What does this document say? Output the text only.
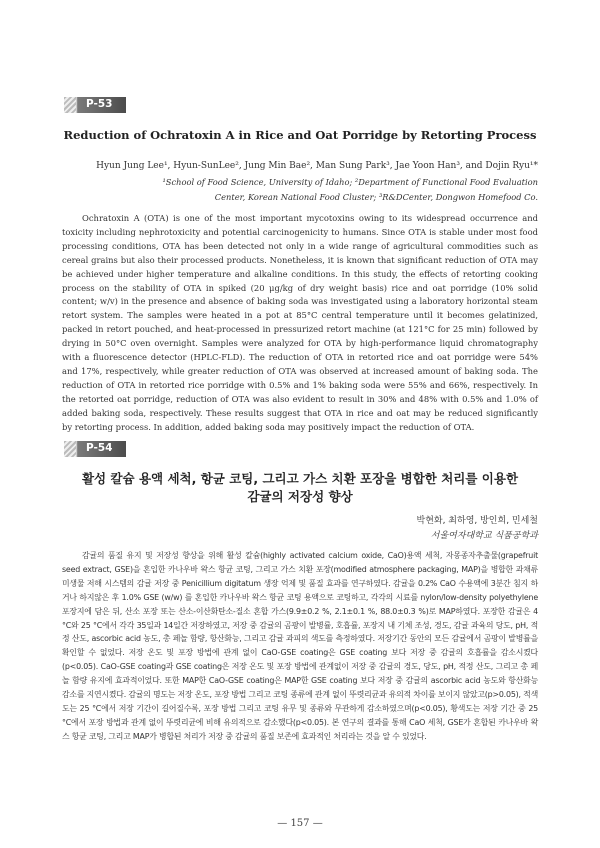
P-53
Reduction of Ochratoxin A in Rice and Oat Porridge by Retorting Process
Hyun Jung Lee¹, Hyun-SunLee², Jung Min Bae², Man Sung Park³, Jae Yoon Han³, and Dojin Ryu¹*
¹School of Food Science, University of Idaho; ²Department of Functional Food Evaluation
Center, Korean National Food Cluster; ³R&DCenter, Dongwon Homefood Co.

Ochratoxin A (OTA) is one of the most important mycotoxins owing to its widespread occurrence and toxicity including nephrotoxicity and potential carcinogenicity to humans. Since OTA is stable under most food processing conditions, OTA has been detected not only in a wide range of agricultural commodities such as cereal grains but also their processed products. Nonetheless, it is known that significant reduction of OTA may be achieved under higher temperature and alkaline conditions. In this study, the effects of retorting cooking process on the stability of OTA in spiked (20 μg/kg of dry weight basis) rice and oat porridge (10% solid content; w/v) in the presence and absence of baking soda was investigated using a laboratory horizontal steam retort system. The samples were heated in a pot at 85°C central temperature until it becomes gelatinized, packed in retort pouched, and heat-processed in pressurized retort machine (at 121°C for 25 min) followed by drying in 50°C oven overnight. Samples were analyzed for OTA by high-performance liquid chromatography with a fluorescence detector (HPLC-FLD). The reduction of OTA in retorted rice and oat porridge were 54% and 17%, respectively, while greater reduction of OTA was observed at increased amount of baking soda. The reduction of OTA in retorted rice porridge with 0.5% and 1% baking soda were 55% and 66%, respectively. In the retorted oat porridge, reduction of OTA was also evident to result in 30% and 48% with 0.5% and 1.0% of added baking soda, respectively. These results suggest that OTA in rice and oat may be reduced significantly by retorting process. In addition, added baking soda may positively impact the reduction of OTA.

P-54
활성 칼슘 용액 세척, 항균 코팅, 그리고 가스 치환 포장을 병합한 처리를 이용한
감귤의 저장성 향상
박현화, 최하영, 방인희, 민세철
서울여자대학교 식품공학과

감귤의 품질 유지 및 저장성 향상을 위해 활성 칼슘(highly activated calcium oxide, CaO)용액 세척, 자몽종자추출물(grapefruit seed extract, GSE)을 혼입한 카나우바 왁스 항균 코팅, 그리고 가스 치환 포장(modified atmosphere packaging, MAP)을 병합한 과채류 미생물 저해 시스템의 감귤 저장 중 Penicillium digitatum 생장 억제 및 품질 효과를 연구하였다. 감귤을 0.2% CaO 수용액에 3분간 침지 하거나 하지않은 후 1.0% GSE (w/w) 를 혼입한 카나우바 왁스 항균 코팅 용액으로 코팅하고, 각각의 시료를 nylon/low-density polyethylene 포장지에 담은 뒤, 산소 포장 또는 산소-이산화탄소-질소 혼합 가스(9.9±0.2 %, 2.1±0.1 %, 88.0±0.3 %)로 MAP하였다. 포장한 감귤은 4 °C와 25 °C에서 각각 35일과 14일간 저장하였고, 저장 중 감귤의 곰팡이 발병률, 호흡률, 포장지 내 기체 조성, 경도, 감귤 과육의 당도, pH, 적정 산도, ascorbic acid 농도, 총 페놀 함량, 항산화능, 그리고 감귤 과피의 색도를 측정하였다. 저장기간 동안의 모든 감귤에서 곰팡이 발병률을 확인할 수 없었다. 저장 온도 및 포장 방법에 관계 없이 CaO-GSE coating은 GSE coating 보다 저장 중 감귤의 호흡률을 감소시켰다(p<0.05). CaO-GSE coating과 GSE coating은 저장 온도 및 포장 방법에 관계없이 저장 중 감귤의 경도, 당도, pH, 적정 산도, 그리고 총 페놀 함량 유지에 효과적이었다. 또한 MAP한 CaO-GSE coating은 MAP한 GSE coating 보다 저장 중 감귤의 ascorbic acid 농도와 항산화능 감소를 지연시켰다. 감귤의 명도는 저장 온도, 포장 방법 그리고 코팅 종류에 관계 없이 뚜렷리균과 유의적 차이를 보이지 않았고(p>0.05), 적색도는 25 °C에서 저장 기간이 길어질수록, 포장 방법 그리고 코팅 유무 및 종류와 무관하게 감소하였으며(p<0.05), 황색도는 저장 기간 중 25 °C에서 포장 방법과 관계 없이 뚜렷리균에 비해 유의적으로 감소했다(p<0.05). 본 연구의 결과를 통해 CaO 세척, GSE가 혼합된 카나우바 왁스 항균 코팅, 그리고 MAP가 병합된 처리가 저장 중 감귤의 품질 보존에 효과적인 처리라는 것을 알 수 있었다.

— 157 —
